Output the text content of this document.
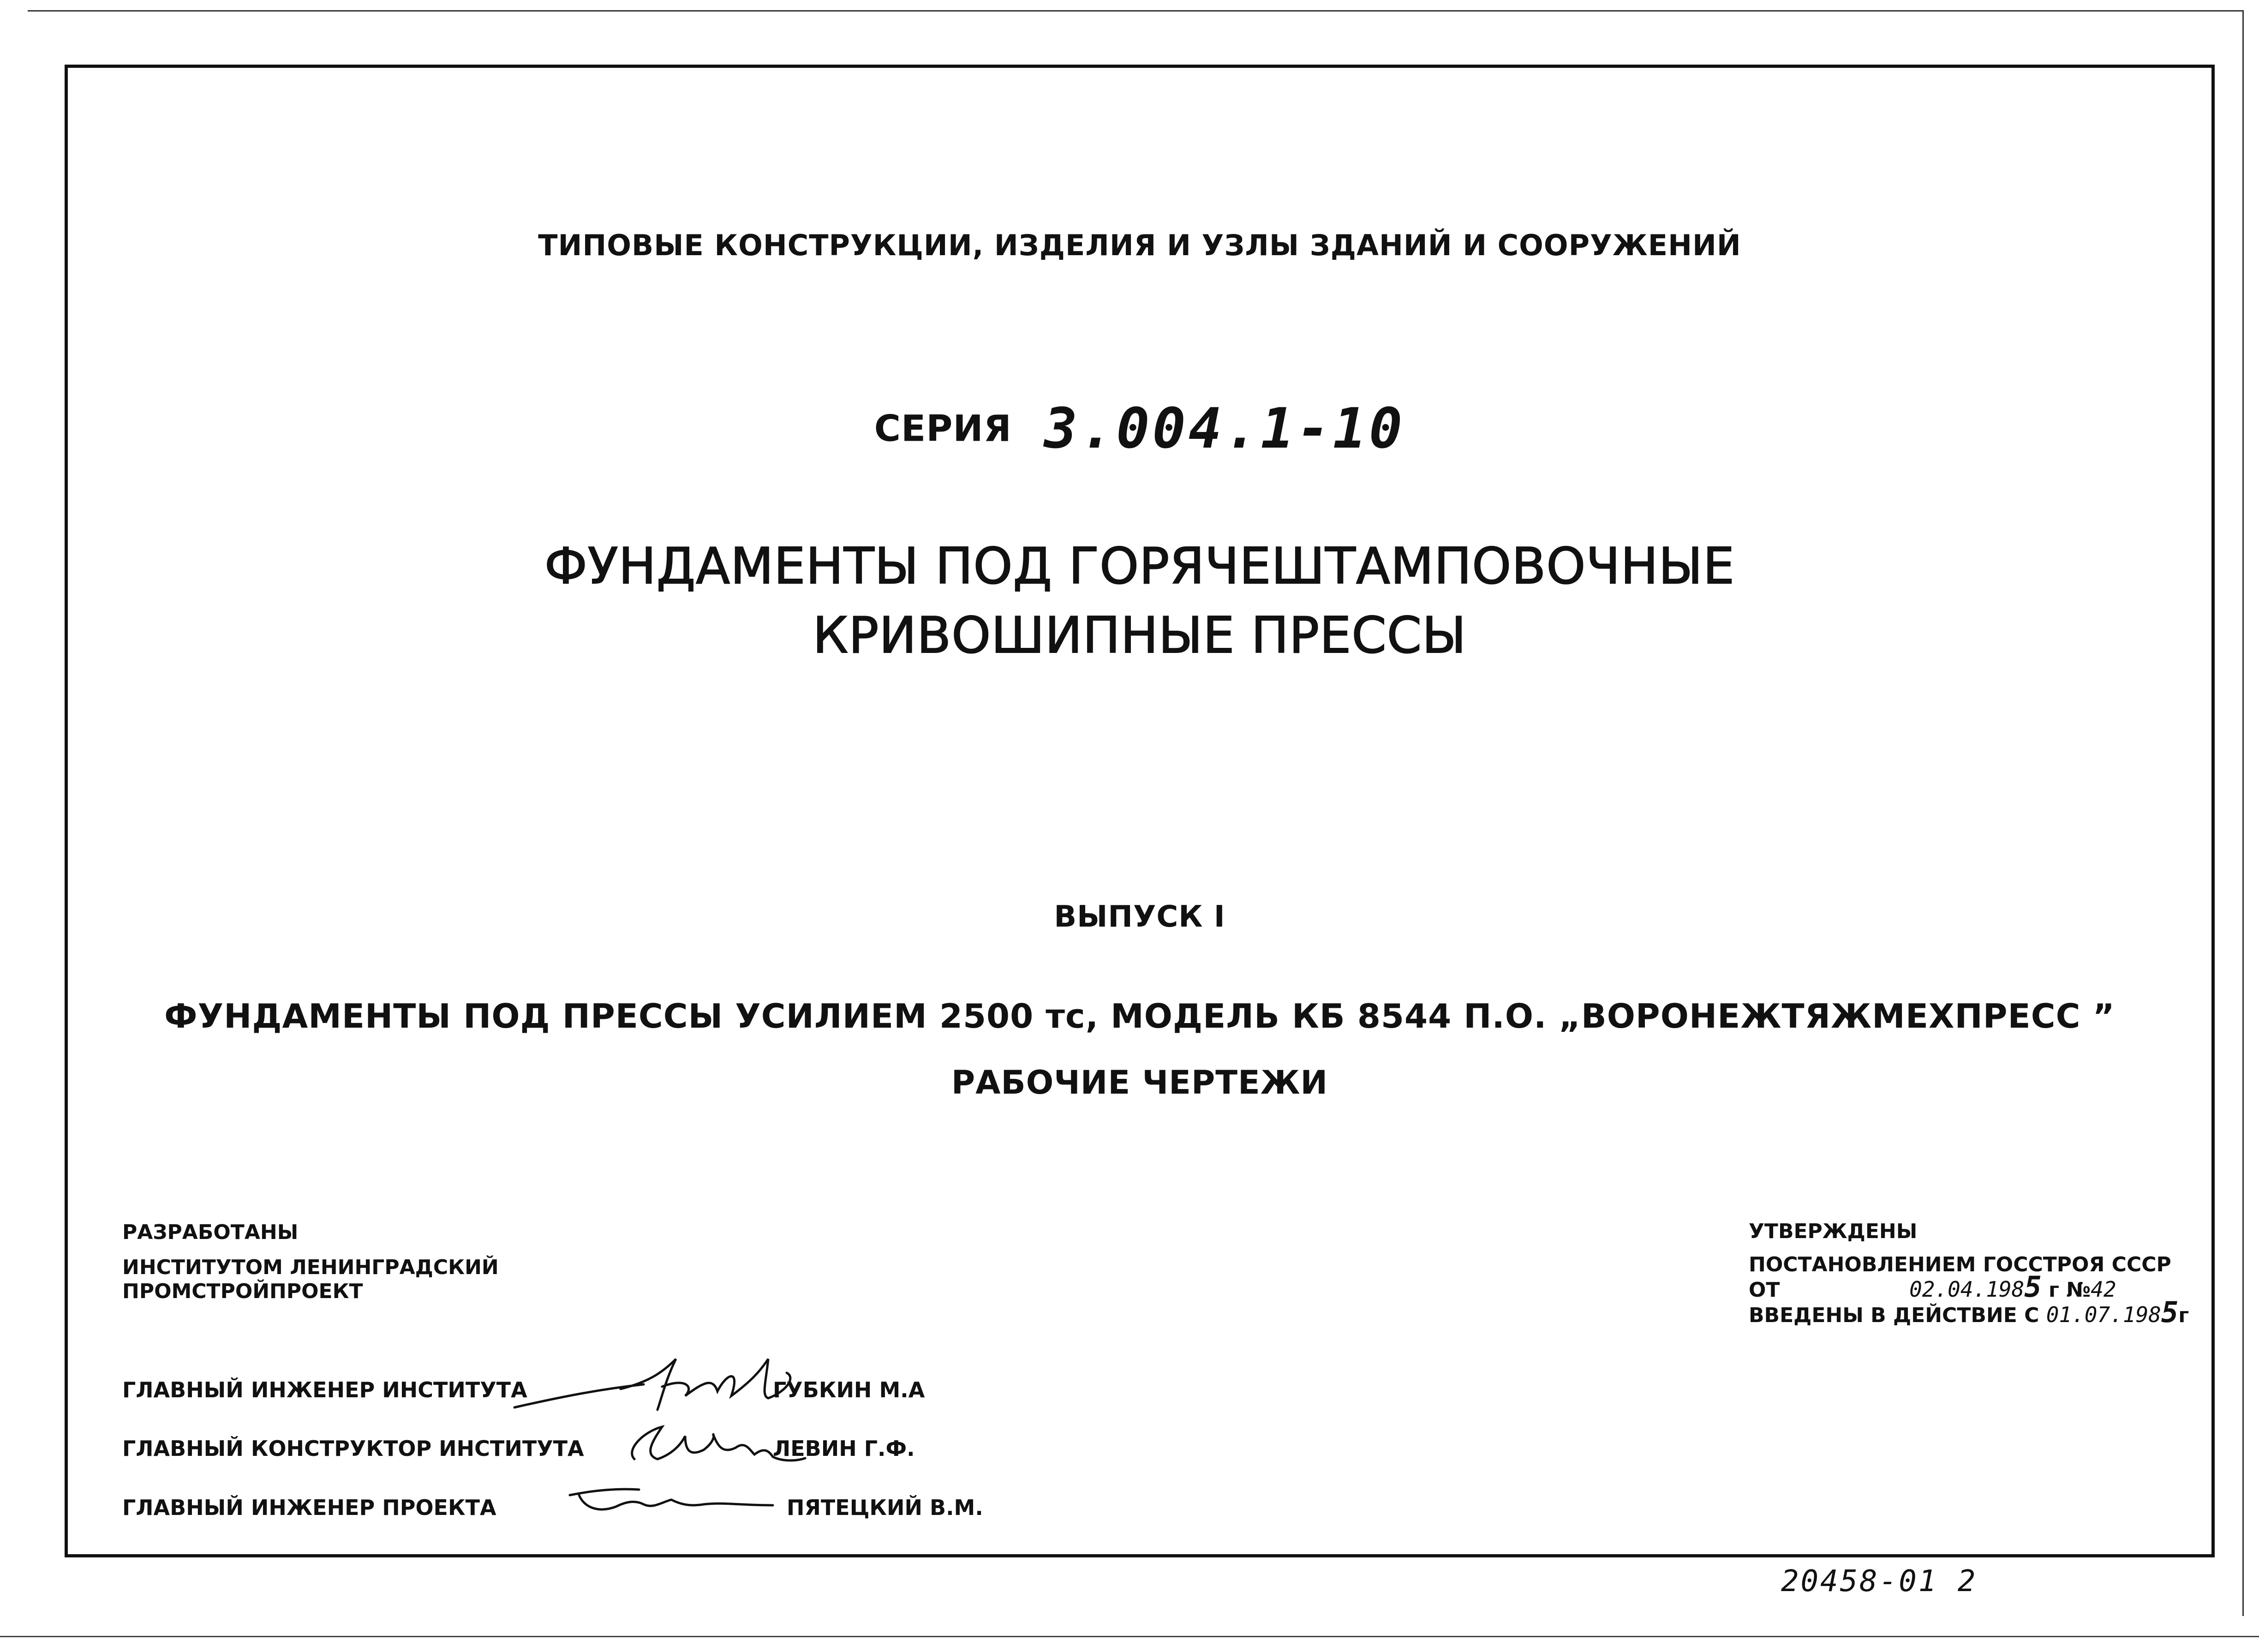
ТИПОВЫЕ КОНСТРУКЦИИ, ИЗДЕЛИЯ И УЗЛЫ ЗДАНИЙ И СООРУЖЕНИЙ
СЕРИЯ 3.004.1-10
ФУНДАМЕНТЫ ПОД ГОРЯЧЕШТАМПОВОЧНЫЕ
КРИВОШИПНЫЕ ПРЕССЫ
ВЫПУСК I
ФУНДАМЕНТЫ ПОД ПРЕССЫ УСИЛИЕМ 2500 тс, МОДЕЛЬ КБ 8544 П.О. „ВОРОНЕЖТЯЖМЕХПРЕСС ”
РАБОЧИЕ ЧЕРТЕЖИ
РАЗРАБОТАНЫ
ИНСТИТУТОМ ЛЕНИНГРАДСКИЙ
ПРОМСТРОЙПРОЕКТ
УТВЕРЖДЕНЫ
ПОСТАНОВЛЕНИЕМ ГОССТРОЯ СССР
ОТ	02.04.1985 г №42
ВВЕДЕНЫ В ДЕЙСТВИЕ С 01.07.1985г
ГЛАВНЫЙ ИНЖЕНЕР ИНСТИТУТА	ГУБКИН М.А
ГЛАВНЫЙ КОНСТРУКТОР ИНСТИТУТА	ЛЕВИН Г.Ф.
ГЛАВНЫЙ ИНЖЕНЕР ПРОЕКТА	ПЯТЕЦКИЙ В.М.
20458-01 2
